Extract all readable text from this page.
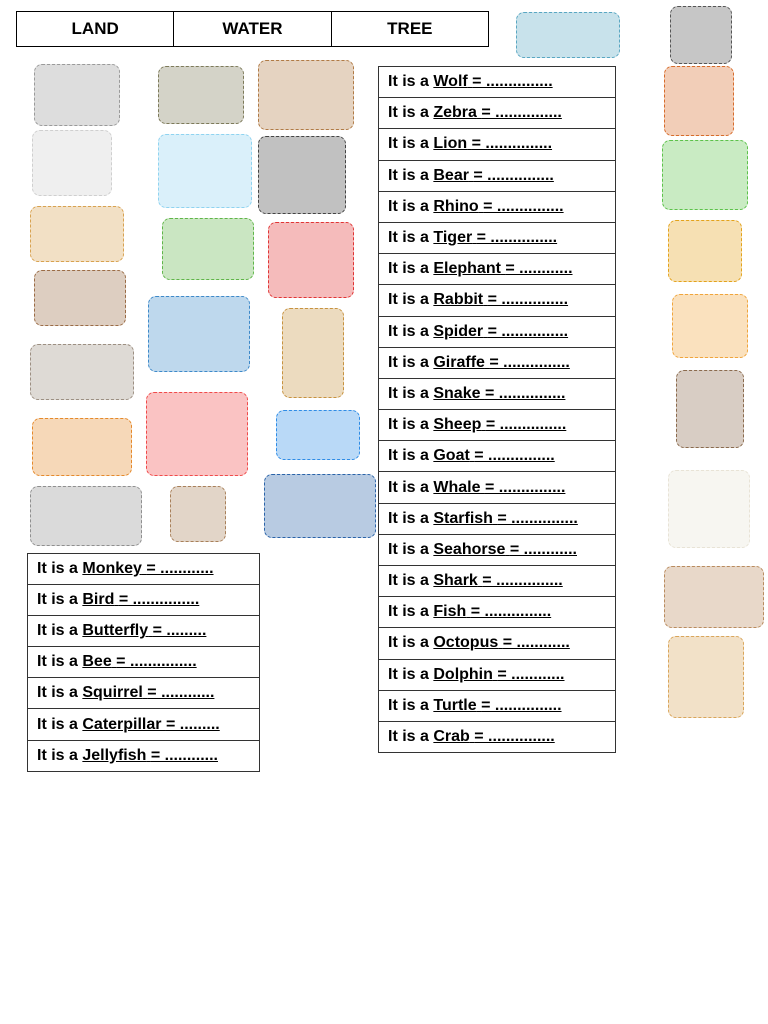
LAND	WATER	TREE
It is a Wolf = ...............
It is a Zebra = ...............
It is a Lion = ...............
It is a Bear = ...............
It is a Rhino = ...............
It is a Tiger = ...............
It is a Elephant = ............
It is a Rabbit = ...............
It is a Spider = ...............
It is a Giraffe = ...............
It is a Snake = ...............
It is a Sheep = ...............
It is a Goat = ...............
It is a Whale = ...............
It is a Starfish = ...............
It is a Seahorse = ............
It is a Shark = ...............
It is a Fish = ...............
It is a Octopus = ............
It is a Dolphin = ............
It is a Turtle = ...............
It is a Crab = ...............
It is a Monkey = ............
It is a Bird = ...............
It is a Butterfly = .........
It is a Bee = ...............
It is a Squirrel = ............
It is a Caterpillar = .........
It is a Jellyfish = ............
